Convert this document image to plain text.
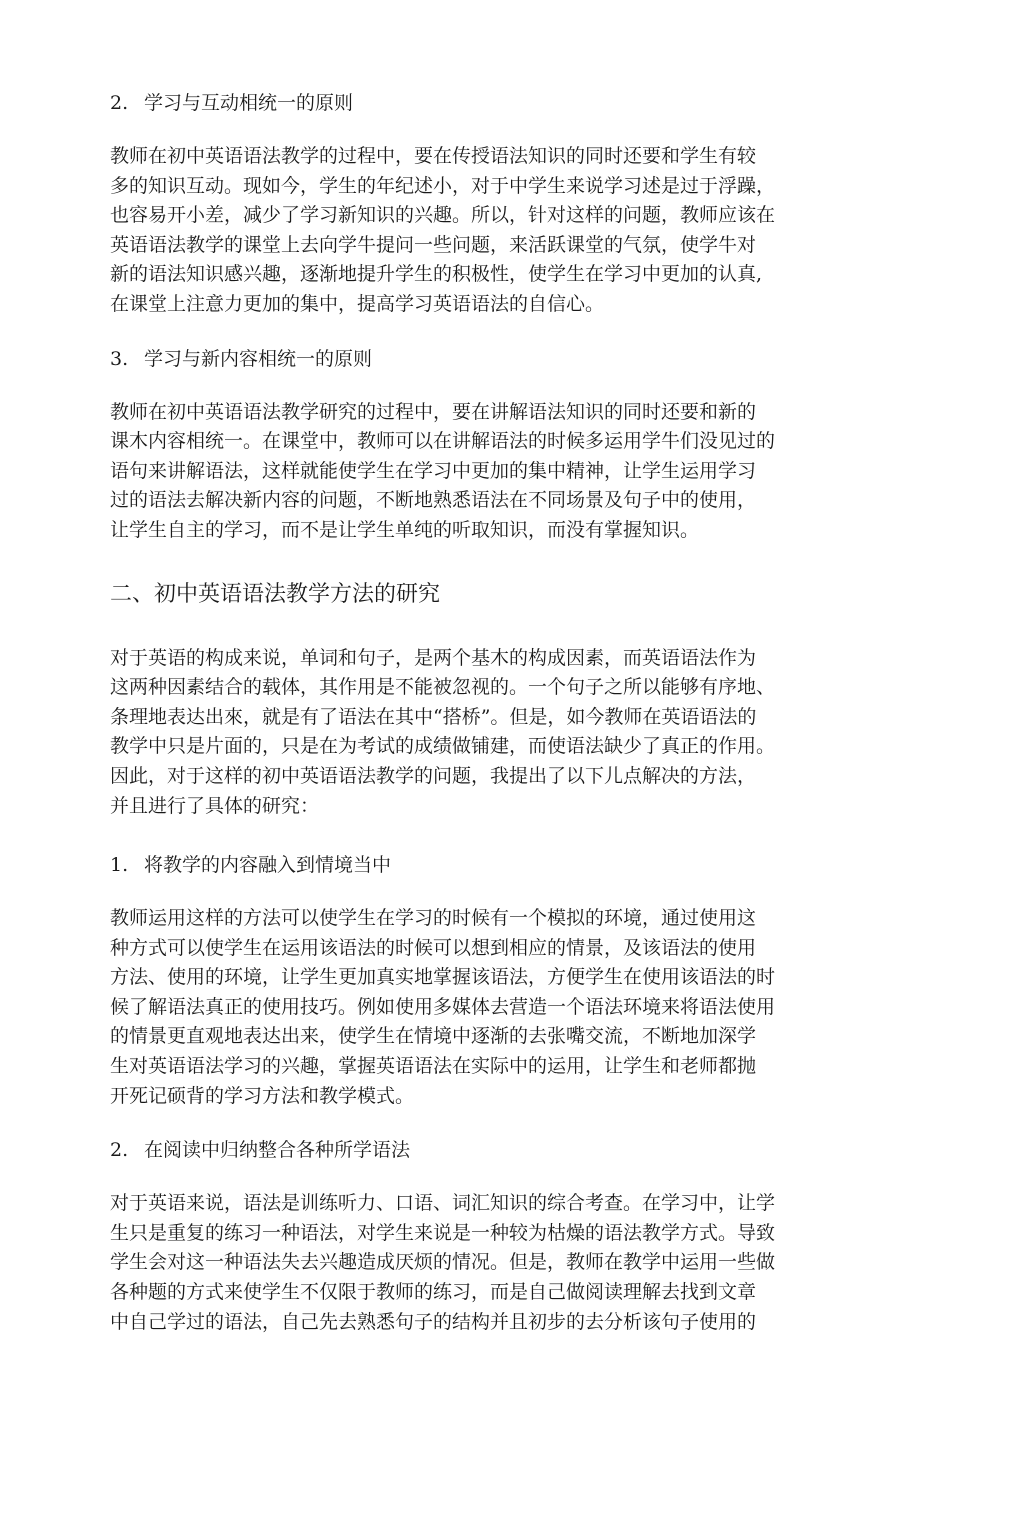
2. 学习与互动相统一的原则

教师在初中英语语法教学的过程中，要在传授语法知识的同时还要和学生有较
多的知识互动。现如今，学生的年纪述小，对于中学生来说学习述是过于浮躁，
也容易开小差，减少了学习新知识的兴趣。所以，针对这样的问题，教师应该在
英语语法教学的课堂上去向学牛提问一些问题，来活跃课堂的气氛，使学牛对
新的语法知识感兴趣，逐渐地提升学生的积极性，使学生在学习中更加的认真,
在课堂上注意力更加的集中，提高学习英语语法的自信心。

3. 学习与新内容相统一的原则

教师在初中英语语法教学研究的过程中，要在讲解语法知识的同时还要和新的
课木内容相统一。在课堂中，教师可以在讲解语法的时候多运用学牛们没见过的
语句来讲解语法，这样就能使学生在学习中更加的集中精神，让学生运用学习
过的语法去解决新内容的问题，不断地熟悉语法在不同场景及句子中的使用，
让学生自主的学习，而不是让学生单纯的听取知识，而没有掌握知识。

二、初中英语语法教学方法的研究

对于英语的构成来说，单词和句子，是两个基木的构成因素，而英语语法作为
这两种因素结合的载体，其作用是不能被忽视的。一个句子之所以能够有序地、
条理地表达出來，就是有了语法在其中“搭桥”。但是，如今教师在英语语法的
教学中只是片面的，只是在为考试的成绩做铺建，而使语法缺少了真正的作用。
因此，对于这样的初中英语语法教学的问题，我提出了以下儿点解决的方法，
并且进行了具体的研究：

1. 将教学的内容融入到情境当中

教师运用这样的方法可以使学生在学习的时候有一个模拟的环境，通过使用这
种方式可以使学生在运用该语法的时候可以想到相应的情景，及该语法的使用
方法、使用的环境，让学生更加真实地掌握该语法，方便学生在使用该语法的时
候了解语法真正的使用技巧。例如使用多媒体去营造一个语法环境来将语法使用
的情景更直观地表达出来，使学生在情境中逐渐的去张嘴交流，不断地加深学
生对英语语法学习的兴趣，掌握英语语法在实际中的运用，让学生和老师都抛
开死记硕背的学习方法和教学模式。

2. 在阅读中归纳整合各种所学语法

对于英语来说，语法是训练听力、口语、词汇知识的综合考查。在学习中，让学
生只是重复的练习一种语法，对学生来说是一种较为枯燥的语法教学方式。导致
学生会对这一种语法失去兴趣造成厌烦的情况。但是，教师在教学中运用一些做
各种题的方式来使学生不仅限于教师的练习，而是自己做阅读理解去找到文章
中自己学过的语法，自己先去熟悉句子的结构并且初步的去分析该句子使用的
